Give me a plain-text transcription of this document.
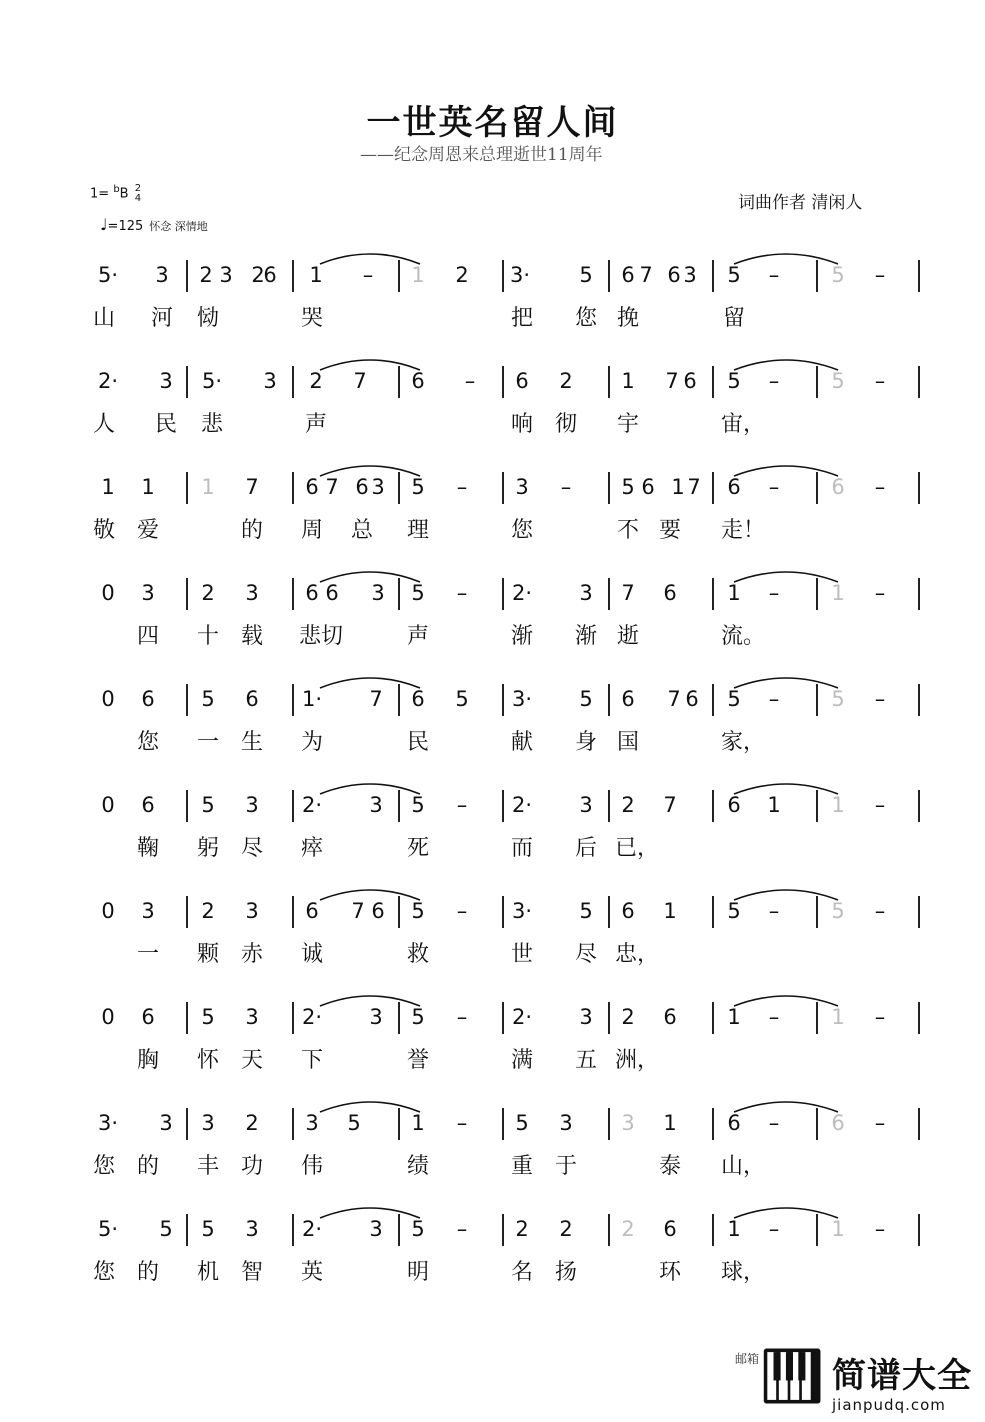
一世英名留人间
——纪念周恩来总理逝世11周年
1= $^b$B 2
4
♩=125 怀念 深情地
词曲作者 清闲人
5·	3	2 3 2
6	1	–	1	2	3·	5	6 7 6 3	5	–	5	–
山 河 恸	哭	把 您 挽	留
2·	3	5·	3	2	7	6	–	6	2	1	7 6	5	–	5	–
人 民 悲	声	响 彻 宇	宙，
1	1	1	7	6 7 6 3	5	–	3	–	5 6 1 7	6	–	6	–
敬 爱	的 周 总 理	您	不 要 走！
0	3	2	3	6 6	3	5	–	2·	3	7	6	1	–	1	–
四 十 载 悲切	声	渐 渐 逝	流。
0	6	5	6	1·	7	6	5	3·	5	6	7 6	5	–	5	–
您 一 生 为	民	献 身 国	家，
0	6	5	3	2·	3	5	–	2·	3	2	7	6	1	1	–
鞠 躬 尽 瘁	死	而 后 已，
0	3	2	3	6	7 6	5	–	3·	5	6	1	5	–	5	–
一 颗 赤 诚	救	世 尽 忠，
0	6	5	3	2·	3	5	–	2·	3	2	6	1	–	1	–
胸 怀 天 下	誉	满 五 洲，
3·	3	3	2	3	5	1	–	5	3	3	1	6	–	6	–
您 的 丰 功 伟	绩	重 于	泰 山，
5·	5	5	3	2·	3	5	–	2	2	2	6	1	–	1	–
您 的 机 智 英	明	名 扬	环 球，
邮箱 简谱大全
jianpudq.com
